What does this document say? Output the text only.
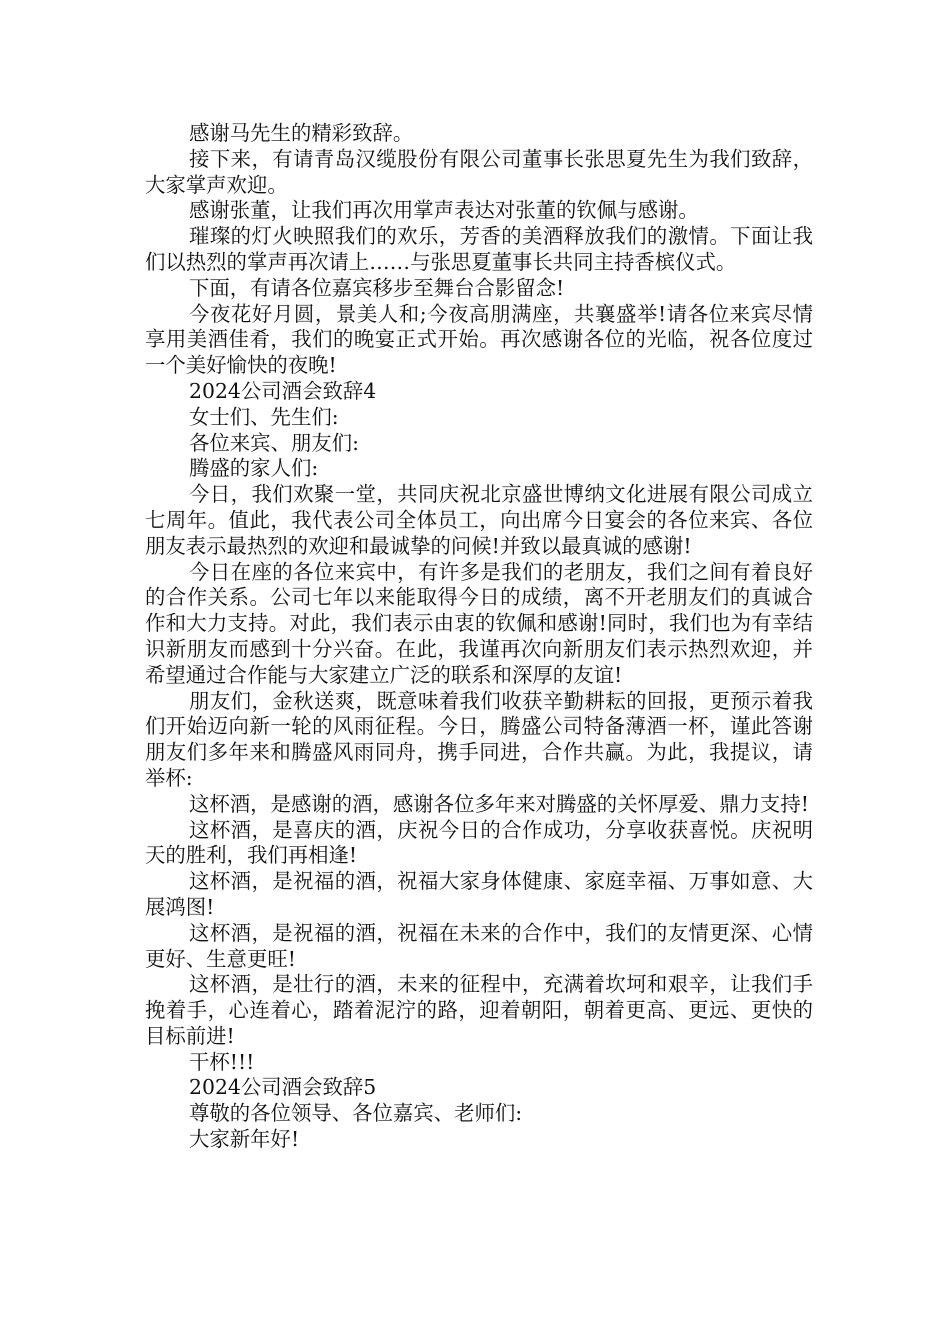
感谢马先生的精彩致辞。

接下来，有请青岛汉缆股份有限公司董事长张思夏先生为我们致辞，大家掌声欢迎。

感谢张董，让我们再次用掌声表达对张董的钦佩与感谢。

璀璨的灯火映照我们的欢乐，芳香的美酒释放我们的激情。下面让我们以热烈的掌声再次请上……与张思夏董事长共同主持香槟仪式。

下面，有请各位嘉宾移步至舞台合影留念!

今夜花好月圆，景美人和;今夜高朋满座，共襄盛举!请各位来宾尽情享用美酒佳肴，我们的晚宴正式开始。再次感谢各位的光临，祝各位度过一个美好愉快的夜晚!

2024公司酒会致辞4

女士们、先生们:

各位来宾、朋友们:

腾盛的家人们:

今日，我们欢聚一堂，共同庆祝北京盛世博纳文化进展有限公司成立七周年。值此，我代表公司全体员工，向出席今日宴会的各位来宾、各位朋友表示最热烈的欢迎和最诚挚的问候!并致以最真诚的感谢!

今日在座的各位来宾中，有许多是我们的老朋友，我们之间有着良好的合作关系。公司七年以来能取得今日的成绩，离不开老朋友们的真诚合作和大力支持。对此，我们表示由衷的钦佩和感谢!同时，我们也为有幸结识新朋友而感到十分兴奋。在此，我谨再次向新朋友们表示热烈欢迎，并希望通过合作能与大家建立广泛的联系和深厚的友谊!

朋友们，金秋送爽，既意味着我们收获辛勤耕耘的回报，更预示着我们开始迈向新一轮的风雨征程。今日，腾盛公司特备薄酒一杯，谨此答谢朋友们多年来和腾盛风雨同舟，携手同进，合作共赢。为此，我提议，请举杯:

这杯酒，是感谢的酒，感谢各位多年来对腾盛的关怀厚爱、鼎力支持!

这杯酒，是喜庆的酒，庆祝今日的合作成功，分享收获喜悦。庆祝明天的胜利，我们再相逢!

这杯酒，是祝福的酒，祝福大家身体健康、家庭幸福、万事如意、大展鸿图!

这杯酒，是祝福的酒，祝福在未来的合作中，我们的友情更深、心情更好、生意更旺!

这杯酒，是壮行的酒，未来的征程中，充满着坎坷和艰辛，让我们手挽着手，心连着心，踏着泥泞的路，迎着朝阳，朝着更高、更远、更快的目标前进!

干杯!!!

2024公司酒会致辞5

尊敬的各位领导、各位嘉宾、老师们:

大家新年好!
